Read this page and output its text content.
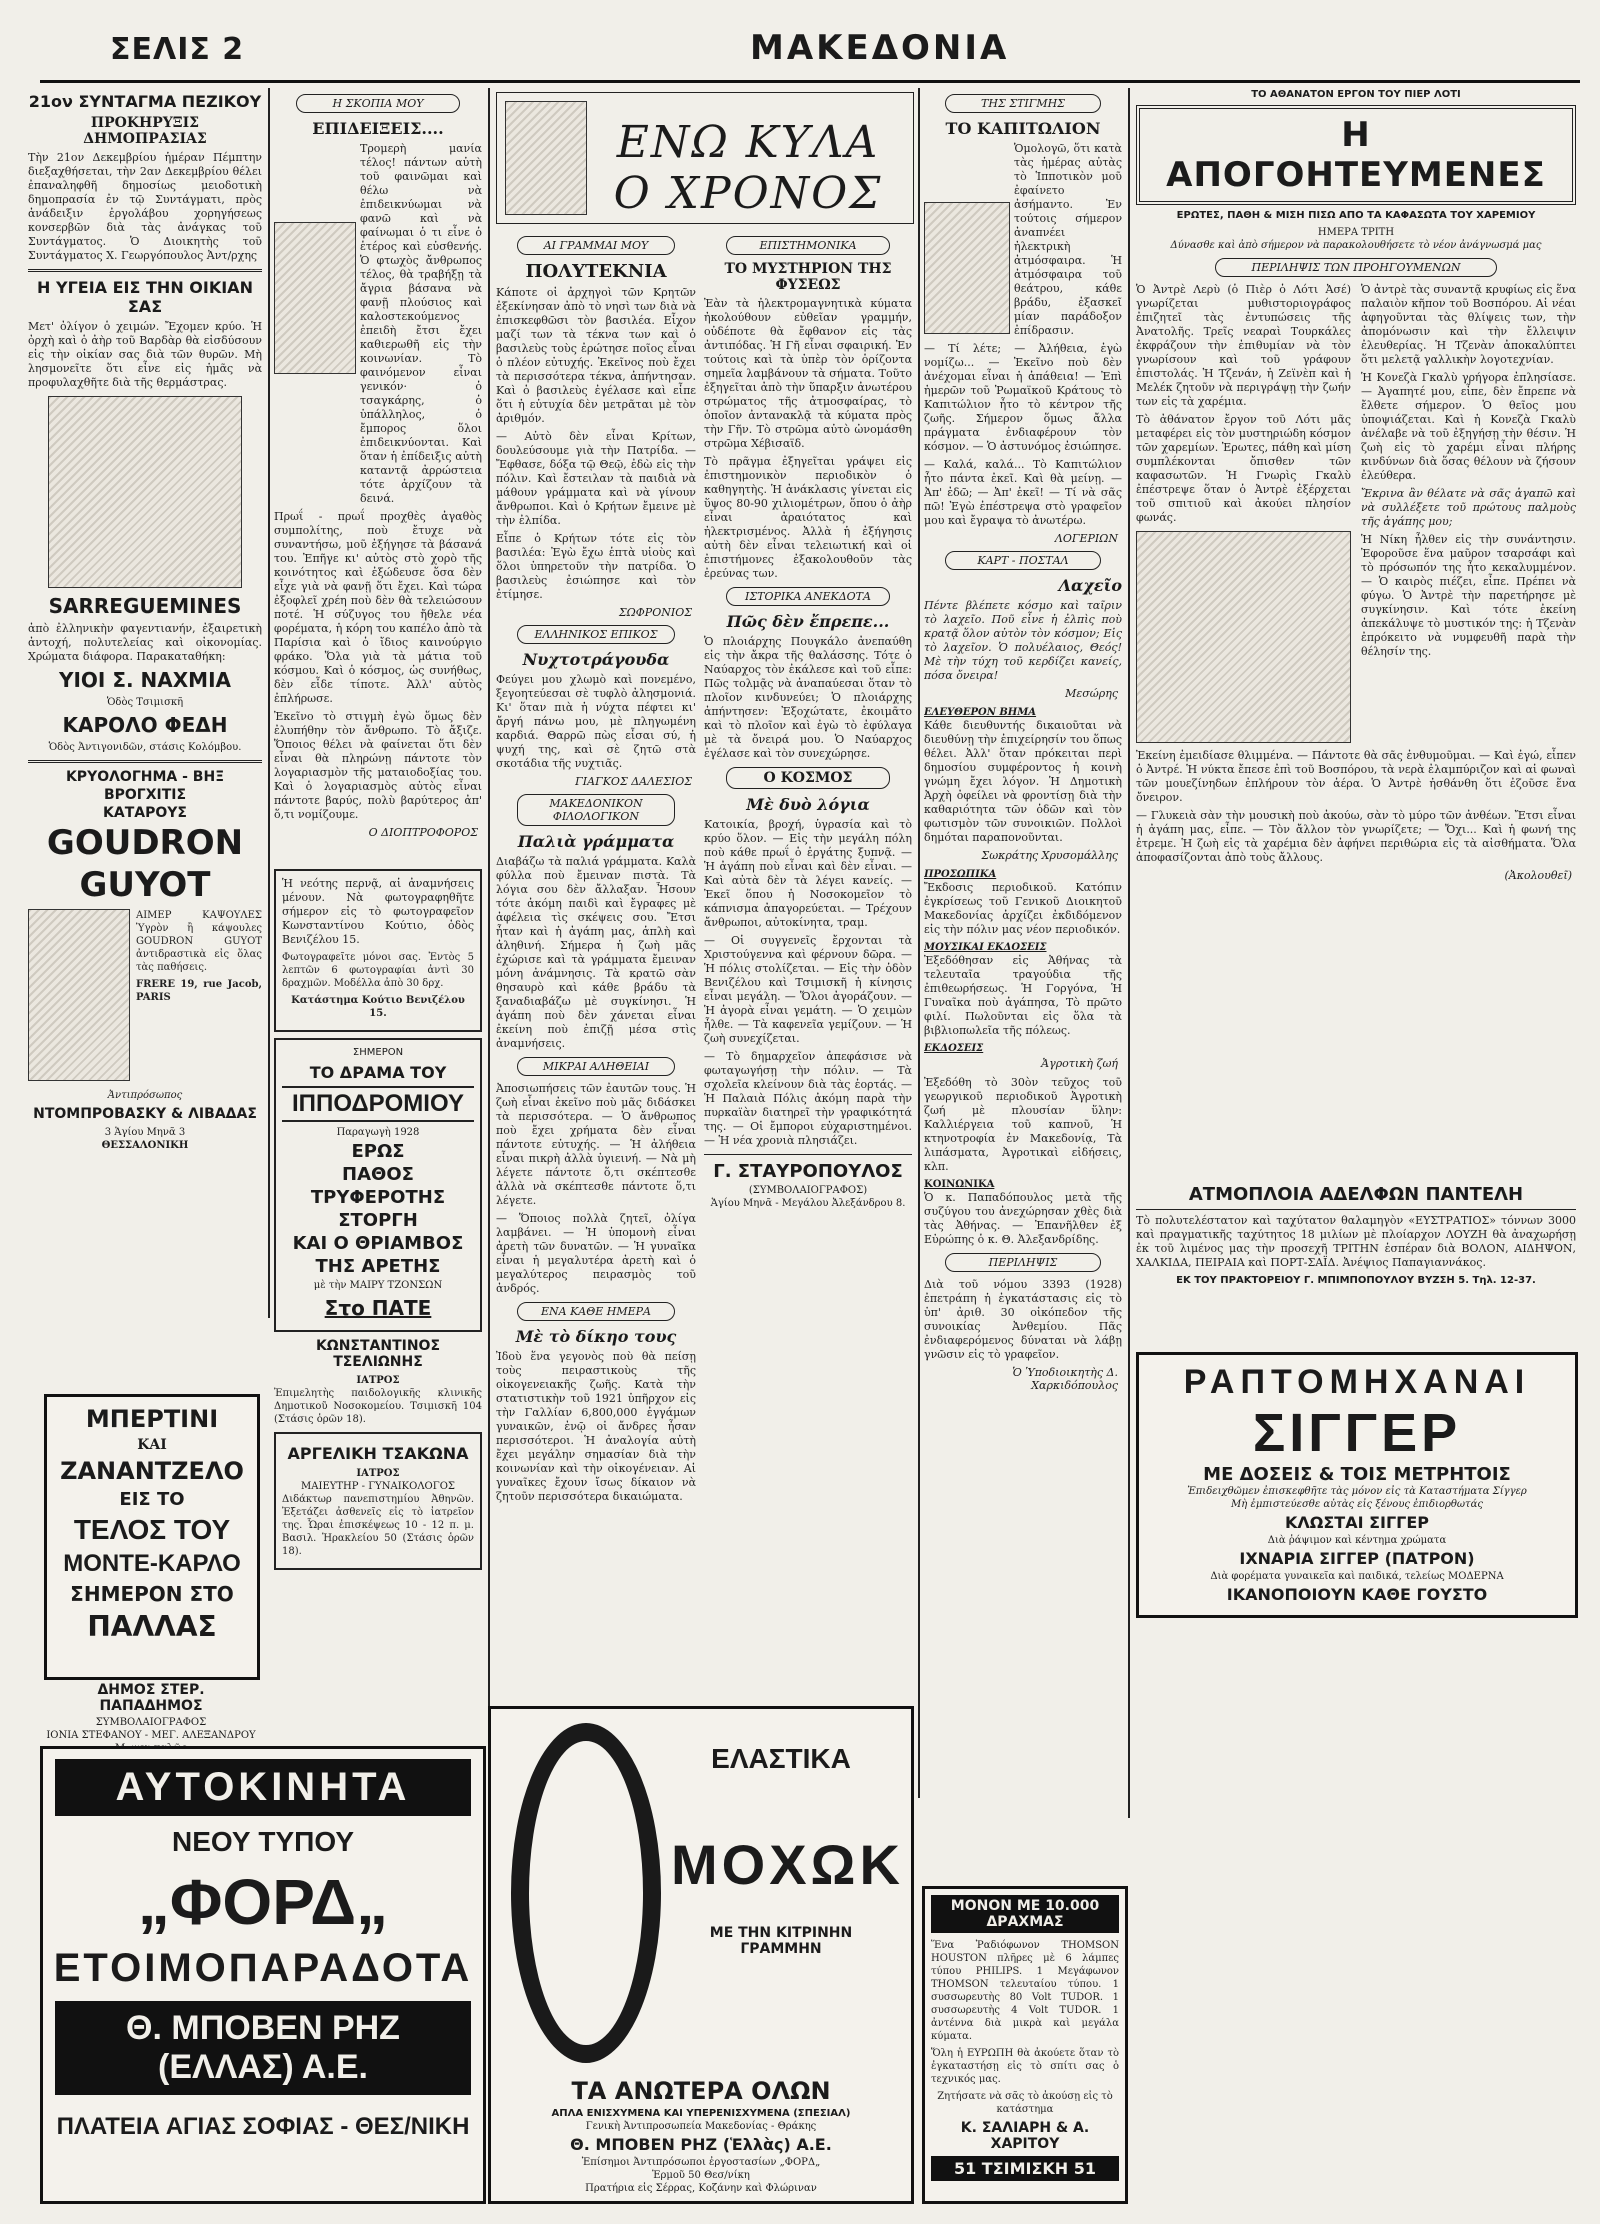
ΣΕΛΙΣ 2	ΜΑΚΕΔΟΝΙΑ
21ον ΣΥΝΤΑΓΜΑ ΠΕΖΙΚΟΥ
ΠΡΟΚΗΡΥΞΙΣ ΔΗΜΟΠΡΑΣΙΑΣ

Τὴν 21ον Δεκεμβρίου ἡμέραν Πέμπτην διεξαχθήσεται, τὴν 2αν Δεκεμβρίου θέλει ἐπαναληφθῆ δημοσίως μειοδοτικὴ δημοπρασία ἐν τῷ Συντάγματι, πρὸς ἀνάδειξιν ἐργολάβου χορηγήσεως κονσερβῶν διὰ τὰς ἀνάγκας τοῦ Συντάγματος. Ὁ Διοικητὴς τοῦ Συντάγματος Χ. Γεωργόπουλος Ἀντ/ρχης

Η ΥΓΕΙΑ ΕΙΣ ΤΗΝ ΟΙΚΙΑΝ ΣΑΣ

Μετ' ὀλίγον ὁ χειμών. Ἔχομεν κρύο. Ἡ ὀρχὴ καὶ ὁ ἀὴρ τοῦ Βαρδὰρ θὰ εἰσδύσουν εἰς τὴν οἰκίαν σας διὰ τῶν θυρῶν. Μὴ λησμονεῖτε ὅτι εἶνε εἰς ἡμᾶς νὰ προφυλαχθῆτε διὰ τῆς θερμάστρας.

SARREGUEMINES

ἀπὸ ἐλληνικὴν φαγεντιανήν, ἐξαιρετικὴ ἀντοχή, πολυτελείας καὶ οἰκονομίας. Χρώματα διάφορα. Παρακαταθήκη:

ΥΙΟΙ Σ. ΝΑΧΜΙΑ
Ὁδὸς Τσιμισκῆ
ΚΑΡΟΛΟ ΦΕΔΗ
Ὁδὸς Ἀντιγονιδῶν, στάσις Κολόμβου.
ΚΡΥΟΛΟΓΗΜΑ - ΒΗΞ
ΒΡΟΓΧΙΤΙΣ
ΚΑΤΑΡΟΥΣ
GOUDRON
GUYOT

ΑΙΜΕΡ ΚΑΨΟΥΛΕΣ Ὑγρὸν ἢ κάψουλες GOUDRON GUYOT ἀντιδραστικὰ εἰς ὅλας τὰς παθήσεις.

FRERE 19, rue Jacob, PARIS

Ἀντιπρόσωπος
ΝΤΟΜΠΡΟΒΑΣΚΥ & ΛΙΒΑΔΑΣ
3 Ἁγίου Μηνᾶ 3
ΘΕΣΣΑΛΟΝΙΚΗ
ΜΠΕΡΤΙΝΙ
ΚΑΙ
ΖΑΝΑΝΤΖΕΛΟ
ΕΙΣ ΤΟ
ΤΕΛΟΣ ΤΟΥ
ΜΟΝΤΕ-ΚΑΡΛΟ
ΣΗΜΕΡΟΝ ΣΤΟ
ΠΑΛΛΑΣ
ΔΗΜΟΣ ΣΤΕΡ. ΠΑΠΑΔΗΜΟΣ
ΣΥΜΒΟΛΑΙΟΓΡΑΦΟΣ
ΙΟΝΙΑ ΣΤΕΦΑΝΟΥ - ΜΕΓ. ΑΛΕΞΑΝΔΡΟΥ
ΑΥΤΟΚΙΝΗΤΑ
ΝΕΟΥ ΤΥΠΟΥ
„ΦΟΡΔ„
ΕΤΟΙΜΟΠΑΡΑΔΟΤΑ
Θ. ΜΠΟΒΕΝ ΡΗΖ (ΕΛΛΑΣ) Α.Ε.
ΠΛΑΤΕΙΑ ΑΓΙΑΣ ΣΟΦΙΑΣ - ΘΕΣ/ΝΙΚΗ
Η ΣΚΟΠΙΑ ΜΟΥ
ΕΠΙΔΕΙΞΕΙΣ....

Τρομερὴ μανία τέλος! πάντων αὐτὴ τοῦ φαινῶμαι καὶ θέλω νὰ ἐπιδεικνύωμαι νὰ φανῶ καὶ νὰ φαίνωμαι ὁ τι εἶνε ὁ ἑτέρος καὶ εὐσθενής. Ὁ φτωχὸς ἄνθρωπος τέλος, θὰ τραβήξῃ τὰ ἄγρια βάσανα νὰ φανῇ πλούσιος καὶ καλοστεκούμενος ἐπειδὴ ἔτσι ἔχει καθιερωθῆ εἰς τὴν κοινωνίαν. Τὸ φαινόμενον εἶναι γενικόν· ὁ τσαγκάρης, ὁ ὑπάλληλος, ὁ ἔμπορος ὅλοι ἐπιδεικνύονται. Καὶ ὅταν ἡ ἐπίδειξις αὐτὴ καταντᾷ ἀρρώστεια τότε ἀρχίζουν τὰ δεινά.

Πρωΐ - πρωΐ προχθὲς ἀγαθὸς συμπολίτης, ποὺ ἔτυχε νὰ συναντήσω, μοῦ ἐξήγησε τὰ βάσανά του. Ἐπῆγε κι' αὐτὸς στὸ χορὸ τῆς κοινότητος καὶ ἐξώδευσε ὅσα δὲν εἶχε γιὰ νὰ φανῇ ὅτι ἔχει. Καὶ τώρα ἐξοφλεῖ χρέη ποὺ δὲν θὰ τελειώσουν ποτέ. Ἡ σύζυγος του ἤθελε νέα φορέματα, ἡ κόρη του καπέλο ἀπὸ τὰ Παρίσια καὶ ὁ ἴδιος καινούργιο φράκο. Ὅλα γιὰ τὰ μάτια τοῦ κόσμου. Καὶ ὁ κόσμος, ὡς συνήθως, δὲν εἶδε τίποτε. Ἀλλ' αὐτὸς ἐπλήρωσε.

Ἐκεῖνο τὸ στιγμὴ ἐγὼ ὅμως δὲν ἐλυπήθην τὸν ἄνθρωπο. Τὸ ἄξιζε. Ὅποιος θέλει νὰ φαίνεται ὅτι δὲν εἶναι θὰ πληρώνῃ πάντοτε τὸν λογαριασμὸν τῆς ματαιοδοξίας του. Καὶ ὁ λογαριασμὸς αὐτὸς εἶναι πάντοτε βαρύς, πολὺ βαρύτερος ἀπ' ὅ,τι νομίζουμε.

Ο ΔΙΟΠΤΡΟΦΟΡΟΣ

Ἡ νεότης περνᾷ, αἱ ἀναμνήσεις μένουν. Νὰ φωτογραφηθῆτε σήμερον εἰς τὸ φωτογραφεῖον Κωνσταντίνου Κούτιο, ὁδὸς Βενιζέλου 15.

Φωτογραφεῖτε μόνοι σας. Ἐντὸς 5 λεπτῶν 6 φωτογραφίαι ἀντὶ 30 δραχμῶν. Μοδέλλα ἀπὸ 30 δρχ.

Κατάστημα Κούτιο Βενιζέλου 15.

ΣΗΜΕΡΟΝ
ΤΟ ΔΡΑΜΑ ΤΟΥ
ΙΠΠΟΔΡΟΜΙΟΥ
Παραγωγὴ 1928
ΕΡΩΣ
ΠΑΘΟΣ
ΤΡΥΦΕΡΟΤΗΣ
ΣΤΟΡΓΗ
ΚΑΙ Ο ΘΡΙΑΜΒΟΣ
ΤΗΣ ΑΡΕΤΗΣ
μὲ τὴν ΜΑΙΡΥ ΤΖΟΝΣΩΝ
Στο ΠΑΤΕ
ΚΩΝΣΤΑΝΤΙΝΟΣ ΤΣΕΛΙΩΝΗΣ
ΙΑΤΡΟΣ

Ἐπιμελητὴς παιδολογικῆς κλινικῆς Δημοτικοῦ Νοσοκομείου. Τσιμισκῆ 104 (Στάσις ὁρῶν 18).

ΑΡΓΕΛΙΚΗ ΤΣΑΚΩΝΑ
ΙΑΤΡΟΣ
ΜΑΙΕΥΤΗΡ - ΓΥΝΑΙΚΟΛΟΓΟΣ

Διδάκτωρ πανεπιστημίου Ἀθηνῶν. Ἐξετάζει ἀσθενεῖς εἰς τὸ ἰατρεῖον της. Ὧραι ἐπισκέψεως 10 - 12 π. μ. Βασιλ. Ἡρακλείου 50 (Στάσις ὁρῶν 18).

ΕΝΩ ΚΥΛΑ Ο ΧΡΟΝΟΣ
ΑΙ ΓΡΑΜΜΑΙ ΜΟΥ
ΠΟΛΥΤΕΚΝΙΑ

Κάποτε οἱ ἀρχηγοὶ τῶν Κρητῶν ἐξεκίνησαν ἀπὸ τὸ νησὶ των διὰ νὰ ἐπισκεφθῶσι τὸν βασιλέα. Εἶχον μαζί των τὰ τέκνα των καὶ ὁ βασιλεὺς τοὺς ἐρώτησε ποῖος εἶναι ὁ πλέον εὐτυχής. Ἐκεῖνος ποὺ ἔχει τὰ περισσότερα τέκνα, ἀπήντησαν. Καὶ ὁ βασιλεὺς ἐγέλασε καὶ εἶπε ὅτι ἡ εὐτυχία δὲν μετρᾶται μὲ τὸν ἀριθμόν.

— Αὐτὸ δὲν εἶναι Κρίτων, δουλεύσουμε γιὰ τὴν Πατρίδα. — Ἔφθασε, δόξα τῷ Θεῷ, ἐδὼ εἰς τὴν πόλιν. Καὶ ἔστειλαν τὰ παιδιὰ νὰ μάθουν γράμματα καὶ νὰ γίνουν ἄνθρωποι. Καὶ ὁ Κρήτων ἔμεινε μὲ τὴν ἐλπίδα.

Εἶπε ὁ Κρήτων τότε εἰς τὸν βασιλέα: Ἐγὼ ἔχω ἑπτὰ υἱοὺς καὶ ὅλοι ὑπηρετοῦν τὴν πατρίδα. Ὁ βασιλεὺς ἐσιώπησε καὶ τὸν ἐτίμησε.

ΣΩΦΡΟΝΙΟΣ
ΕΛΛΗΝΙΚΟΣ ΕΠΙΚΟΣ
Νυχτοτράγουδα

Φεύγει μου χλωμὸ καὶ πονεμένο, ξεγοητεύεσαι σὲ τυφλὸ ἀλησμονιά. Κι' ὅταν πιὰ ἡ νύχτα πέφτει κι' ἄργή πάνω μου, μὲ πληγωμένη καρδιά. Θαρρῶ πὼς εἶσαι σύ, ἡ ψυχή της, καὶ σὲ ζητῶ στὰ σκοτάδια τῆς νυχτιᾶς.

ΓΙΑΓΚΟΣ ΔΑΛΕΣΙΟΣ
ΜΑΚΕΔΟΝΙΚΟΝ ΦΙΛΟΛΟΓΙΚΟΝ
Παλιὰ γράμματα

Διαβάζω τὰ παλιά γράμματα. Καλὰ φύλλα ποὺ ἔμειναν πιστὰ. Τὰ λόγια σου δὲν ἄλλαξαν. Ἦσουν τότε ἀκόμη παιδὶ καὶ ἔγραφες μὲ ἀφέλεια τὶς σκέψεις σου. Ἔτσι ἦταν καὶ ἡ ἀγάπη μας, ἁπλὴ καὶ ἀληθινή. Σήμερα ἡ ζωὴ μᾶς ἐχώρισε καὶ τὰ γράμματα ἔμειναν μόνη ἀνάμνησις. Τὰ κρατῶ σὰν θησαυρὸ καὶ κάθε βράδυ τὰ ξαναδιαβάζω μὲ συγκίνησι. Ἡ ἀγάπη ποὺ δὲν χάνεται εἶναι ἐκείνη ποὺ ἐπιζῇ μέσα στὶς ἀναμνήσεις.

ΜΙΚΡΑΙ ΑΛΗΘΕΙΑΙ

Ἀποσιωπήσεις τῶν ἐαυτῶν τους. Ἡ ζωὴ εἶναι ἐκεῖνο ποὺ μᾶς διδάσκει τὰ περισσότερα. — Ὁ ἄνθρωπος ποὺ ἔχει χρήματα δὲν εἶναι πάντοτε εὐτυχής. — Ἡ ἀλήθεια εἶναι πικρὴ ἀλλὰ ὑγιεινή. — Νὰ μὴ λέγετε πάντοτε ὅ,τι σκέπτεσθε ἀλλὰ νὰ σκέπτεσθε πάντοτε ὅ,τι λέγετε.

— Ὅποιος πολλὰ ζητεῖ, ὀλίγα λαμβάνει. — Ἡ ὑπομονὴ εἶναι ἀρετὴ τῶν δυνατῶν. — Ἡ γυναῖκα εἶναι ἡ μεγαλυτέρα ἀρετὴ καὶ ὁ μεγαλύτερος πειρασμὸς τοῦ ἀνδρός.

ΕΝΑ ΚΑΘΕ ΗΜΕΡΑ
Μὲ τὸ δίκηο τους

Ἰδοὺ ἕνα γεγονὸς ποὺ θὰ πείσῃ τοὺς πειραστικοὺς τῆς οἰκογενειακῆς ζωῆς. Κατὰ τὴν στατιστικὴν τοῦ 1921 ὑπῆρχον εἰς τὴν Γαλλίαν 6,800,000 ἐγγάμων γυναικῶν, ἐνῷ οἱ ἄνδρες ἦσαν περισσότεροι. Ἡ ἀναλογία αὐτὴ ἔχει μεγάλην σημασίαν διὰ τὴν κοινωνίαν καὶ τὴν οἰκογένειαν. Αἱ γυναῖκες ἔχουν ἴσως δίκαιον νὰ ζητοῦν περισσότερα δικαιώματα.

ΕΠΙΣΤΗΜΟΝΙΚΑ
ΤΟ ΜΥΣΤΗΡΙΟΝ ΤΗΣ ΦΥΣΕΩΣ

Ἐὰν τὰ ἠλεκτρομαγνητικὰ κύματα ἠκολούθουν εὐθεῖαν γραμμήν, οὐδέποτε θὰ ἔφθανον εἰς τὰς ἀντιπόδας. Ἡ Γῆ εἶναι σφαιρική. Ἐν τούτοις καὶ τὰ ὑπὲρ τὸν ὁρίζοντα σημεῖα λαμβάνουν τὰ σήματα. Τοῦτο ἐξηγεῖται ἀπὸ τὴν ὕπαρξιν ἀνωτέρου στρώματος τῆς ἀτμοσφαίρας, τὸ ὁποῖον ἀντανακλᾷ τὰ κύματα πρὸς τὴν Γῆν. Τὸ στρῶμα αὐτὸ ὠνομάσθη στρῶμα Χέβισαϊδ.

Τὸ πρᾶγμα ἐξηγεῖται γράψει εἰς ἐπιστημονικὸν περιοδικὸν ὁ καθηγητὴς. Ἡ ἀνάκλασις γίνεται εἰς ὕψος 80-90 χιλιομέτρων, ὅπου ὁ ἀὴρ εἶναι ἀραιότατος καὶ ἠλεκτρισμένος. Ἀλλὰ ἡ ἐξήγησις αὐτὴ δὲν εἶναι τελειωτική καὶ οἱ ἐπιστήμονες ἐξακολουθοῦν τὰς ἐρεύνας των.

ΙΣΤΟΡΙΚΑ ΑΝΕΚΔΟΤΑ
Πῶς δὲν ἔπρεπε...

Ὁ πλοιάρχης Πουγκάλο ἀνεπαύθη εἰς τὴν ἄκρα τῆς θαλάσσης. Τότε ὁ Ναύαρχος τὸν ἐκάλεσε καὶ τοῦ εἶπε: Πῶς τολμᾷς νὰ ἀναπαύεσαι ὅταν τὸ πλοῖον κινδυνεύει; Ὁ πλοιάρχης ἀπήντησεν: Ἐξοχώτατε, ἐκοιμᾶτο καὶ τὸ πλοῖον καὶ ἐγὼ τὸ ἐφύλαγα μὲ τὰ ὄνειρά μου. Ὁ Ναύαρχος ἐγέλασε καὶ τὸν συνεχώρησε.

Ο ΚΟΣΜΟΣ
Μὲ δυὸ λόγια

Κατοικία, βροχή, ὑγρασία καὶ τὸ κρύο ὅλον. — Εἰς τὴν μεγάλη πόλη ποὺ κάθε πρωΐ ὁ ἐργάτης ξυπνᾷ. — Ἡ ἀγάπη ποὺ εἶναι καὶ δὲν εἶναι. — Καὶ αὐτὰ δὲν τὰ λέγει κανείς. — Ἐκεῖ ὅπου ἡ Νοσοκομεῖον τὸ κάπνισμα ἀπαγορεύεται. — Τρέχουν ἄνθρωποι, αὐτοκίνητα, τραμ.

— Οἱ συγγενεῖς ἔρχονται τὰ Χριστούγεννα καὶ φέρνουν δῶρα. — Ἡ πόλις στολίζεται. — Εἰς τὴν ὁδὸν Βενιζέλου καὶ Τσιμισκῆ ἡ κίνησις εἶναι μεγάλη. — Ὅλοι ἀγοράζουν. — Ἡ ἀγορὰ εἶναι γεμάτη. — Ὁ χειμὼν ἦλθε. — Τὰ καφενεῖα γεμίζουν. — Ἡ ζωὴ συνεχίζεται.

— Τὸ δημαρχεῖον ἀπεφάσισε νὰ φωταγωγήσῃ τὴν πόλιν. — Τὰ σχολεῖα κλείνουν διὰ τὰς ἑορτάς. — Ἡ Παλαιὰ Πόλις ἀκόμη παρὰ τὴν πυρκαϊὰν διατηρεῖ τὴν γραφικότητά της. — Οἱ ἔμποροι εὐχαριστημένοι. — Ἡ νέα χρονιὰ πλησιάζει.

Γ. ΣΤΑΥΡΟΠΟΥΛΟΣ
(ΣΥΜΒΟΛΑΙΟΓΡΑΦΟΣ)
Ἁγίου Μηνᾶ - Μεγάλου Ἀλεξάνδρου 8.
ΕΛΑΣΤΙΚΑ
ΜΟΧΩΚ
ΜΕ ΤΗΝ ΚΙΤΡΙΝΗΝ ΓΡΑΜΜΗΝ
ΤΑ ΑΝΩΤΕΡΑ ΟΛΩΝ
ΑΠΛΑ ΕΝΙΣΧΥΜΕΝΑ ΚΑΙ ΥΠΕΡΕΝΙΣΧΥΜΕΝΑ (ΣΠΕΣΙΑΛ)
Γενικὴ Ἀντιπροσωπεία Μακεδονίας - Θράκης
Θ. ΜΠΟΒΕΝ ΡΗΖ (Ἑλλὰς) Α.Ε.
Ἐπίσημοι Ἀντιπρόσωποι ἐργοστασίων „ΦΟΡΔ„
Ἑρμοῦ 50 Θεσ/νίκη
Πρατήρια εἰς Σέρρας, Κοζάνην καὶ Φλώριναν
ΤΗΣ ΣΤΙΓΜΗΣ
ΤΟ ΚΑΠΙΤΩΛΙΟΝ

Ὁμολογῶ, ὅτι κατὰ τὰς ἡμέρας αὐτὰς τὸ Ἱπποτικὸν μοῦ ἐφαίνετο ἀσήμαντο. Ἐν τούτοις σήμερον ἀναπνέει ἠλεκτρικὴ ἀτμόσφαιρα. Ἡ ἀτμόσφαιρα τοῦ θεάτρου, κάθε βράδυ, ἐξασκεῖ μίαν παράδοξον ἐπίδρασιν.

— Τί λέτε; — Ἀλήθεια, ἐγὼ νομίζω... — Ἐκεῖνο ποὺ δὲν ἀνέχομαι εἶναι ἡ ἀπάθεια! — Ἐπὶ ἡμερῶν τοῦ Ῥωμαϊκοῦ Κράτους τὸ Καπιτώλιον ἦτο τὸ κέντρον τῆς ζωῆς. Σήμερον ὅμως ἄλλα πράγματα ἐνδιαφέρουν τὸν κόσμον. — Ὁ ἀστυνόμος ἐσιώπησε.

— Καλά, καλά... Τὸ Καπιτώλιον ἦτο πάντα ἐκεῖ. Καὶ θὰ μείνῃ. — Ἀπ' ἐδῶ; — Ἀπ' ἐκεῖ! — Τί νὰ σᾶς πῶ! Ἐγὼ ἐπέστρεψα στὸ γραφεῖον μου καὶ ἔγραψα τὸ ἀνωτέρω.

ΛΟΓΕΡΙΩΝ
ΚΑΡΤ - ΠΟΣΤΑΛ
Λαχεῖο

Πέντε βλέπετε κόσμο καὶ ταῖριν τὸ λαχεῖο. Ποῦ εἶνε ἡ ἐλπὶς ποὺ κρατᾷ ὅλον αὐτὸν τὸν κόσμον; Εἰς τὸ λαχεῖον. Ὁ πολυέλαιος, Θεός! Μὲ τὴν τύχη τοῦ κερδίζει κανείς, πόσα ὄνειρα!

Μεσώρης
ΕΛΕΥΘΕΡΟΝ ΒΗΜΑ

Κάθε διευθυντής δικαιοῦται νὰ διευθύνῃ τὴν ἐπιχείρησίν του ὅπως θέλει. Ἀλλ' ὅταν πρόκειται περὶ δημοσίου συμφέροντος ἡ κοινὴ γνώμη ἔχει λόγον. Ἡ Δημοτικὴ Ἀρχὴ ὀφείλει νὰ φροντίσῃ διὰ τὴν καθαριότητα τῶν ὁδῶν καὶ τὸν φωτισμὸν τῶν συνοικιῶν. Πολλοὶ δημόται παραπονοῦνται.

Σωκράτης Χρυσομάλλης
ΠΡΟΣΩΠΙΚΑ

Ἔκδοσις περιοδικοῦ. Κατόπιν ἐγκρίσεως τοῦ Γενικοῦ Διοικητοῦ Μακεδονίας ἀρχίζει ἐκδιδόμενον εἰς τὴν πόλιν μας νέον περιοδικόν.

ΜΟΥΣΙΚΑΙ ΕΚΔΟΣΕΙΣ

Ἐξεδόθησαν εἰς Ἀθήνας τὰ τελευταῖα τραγούδια τῆς ἐπιθεωρήσεως. Ἡ Γοργόνα, Ἡ Γυναῖκα ποὺ ἀγάπησα, Τὸ πρῶτο φιλί. Πωλοῦνται εἰς ὅλα τὰ βιβλιοπωλεῖα τῆς πόλεως.

ΕΚΔΟΣΕΙΣ
Ἀγροτικὴ ζωή

Ἐξεδόθη τὸ 30ὸν τεῦχος τοῦ γεωργικοῦ περιοδικοῦ Ἀγροτικὴ ζωή μὲ πλουσίαν ὕλην: Καλλιέργεια τοῦ καπνοῦ, Ἡ κτηνοτροφία ἐν Μακεδονίᾳ, Τὰ λιπάσματα, Ἀγροτικαὶ εἰδήσεις, κλπ.

ΚΟΙΝΩΝΙΚΑ

Ὁ κ. Παπαδόπουλος μετὰ τῆς συζύγου του ἀνεχώρησαν χθὲς διὰ τὰς Ἀθήνας. — Ἐπανῆλθεν ἐξ Εὐρώπης ὁ κ. Θ. Ἀλεξανδρίδης.

ΠΕΡΙΛΗΨΙΣ

Διὰ τοῦ νόμου 3393 (1928) ἐπετράπη ἡ ἐγκατάστασις εἰς τὸ ὑπ' ἀριθ. 30 οἰκόπεδον τῆς συνοικίας Ἀνθεμίου. Πᾶς ἐνδιαφερόμενος δύναται νὰ λάβῃ γνῶσιν εἰς τὸ γραφεῖον.

Ὁ Ὑποδιοικητὴς Δ. Χαρκιδόπουλος
ΜΟΝΟΝ ΜΕ 10.000 ΔΡΑΧΜΑΣ

Ἕνα Ῥαδιόφωνον THOMSON HOUSTON πλῆρες μὲ 6 λάμπες τύπου PHILIPS. 1 Μεγάφωνον THOMSON τελευταίου τύπου. 1 συσσωρευτὴς 80 Volt TUDOR. 1 συσσωρευτὴς 4 Volt TUDOR. 1 ἀντέννα διὰ μικρὰ καὶ μεγάλα κύματα.

Ὅλη ἡ ΕΥΡΩΠΗ θὰ ἀκούετε ὅταν τὸ ἐγκαταστήσῃ εἰς τὸ σπίτι σας ὁ τεχνικός μας.

Ζητήσατε νὰ σᾶς τὸ ἀκούσῃ εἰς τὸ κατάστημα

Κ. ΣΑΛΙΑΡΗ & Α. ΧΑΡΙΤΟΥ
51 ΤΣΙΜΙΣΚΗ 51
ΤΟ ΑΘΑΝΑΤΟΝ ΕΡΓΟΝ ΤΟΥ ΠΙΕΡ ΛΟΤΙ
Η ΑΠΟΓΟΗΤΕΥΜΕΝΕΣ
ΕΡΩΤΕΣ, ΠΑΘΗ & ΜΙΣΗ ΠΙΣΩ ΑΠΟ ΤΑ ΚΑΦΑΣΩΤΑ ΤΟΥ ΧΑΡΕΜΙΟΥ
ΗΜΕΡΑ ΤΡΙΤΗ
Δύνασθε καὶ ἀπὸ σήμερον νὰ παρακολουθήσετε τὸ νέον ἀνάγνωσμά μας
ΠΕΡΙΛΗΨΙΣ ΤΩΝ ΠΡΟΗΓΟΥΜΕΝΩΝ

Ὁ Ἀντρὲ Λερὺ (ὁ Πιὲρ ὁ Λότι Ἀσέ) γνωρίζεται μυθιστοριογράφος ἐπιζητεῖ τὰς ἐντυπώσεις τῆς Ἀνατολῆς. Τρεῖς νεαραὶ Τουρκάλες ἐκφράζουν τὴν ἐπιθυμίαν νὰ τὸν γνωρίσουν καὶ τοῦ γράφουν ἐπιστολάς. Ἡ Τζενάν, ἡ Ζεϊνὲπ καὶ ἡ Μελέκ ζητοῦν νὰ περιγράψῃ τὴν ζωήν των εἰς τὰ χαρέμια.

Τὸ ἀθάνατον ἔργον τοῦ Λότι μᾶς μεταφέρει εἰς τὸν μυστηριώδη κόσμον τῶν χαρεμίων. Ἐρωτες, πάθη καὶ μίση συμπλέκονται ὄπισθεν τῶν καφασωτῶν. Ἡ Γνωρὶς Γκαλὺ ἐπέστρεψε ὅταν ὁ Ἀντρὲ ἐξέρχεται τοῦ σπιτιοῦ καὶ ἀκούει πλησίον φωνάς.

Ὁ ἀντρὲ τὰς συναντᾷ κρυφίως εἰς ἕνα παλαιὸν κῆπον τοῦ Βοσπόρου. Αἱ νέαι ἀφηγοῦνται τὰς θλίψεις των, τὴν ἀπομόνωσιν καὶ τὴν ἔλλειψιν ἐλευθερίας. Ἡ Τζενὰν ἀποκαλύπτει ὅτι μελετᾷ γαλλικὴν λογοτεχνίαν.

Ἡ Κονεζὰ Γκαλὺ γρήγορα ἐπλησίασε. — Ἀγαπητέ μου, εἶπε, δὲν ἔπρεπε νὰ ἔλθετε σήμερον. Ὁ θεῖος μου ὑποψιάζεται. Καὶ ἡ Κονεζὰ Γκαλὺ ἀνέλαβε νὰ τοῦ ἐξηγήσῃ τὴν θέσιν. Ἡ ζωὴ εἰς τὸ χαρέμι εἶναι πλήρης κινδύνων διὰ ὅσας θέλουν νὰ ζήσουν ἐλεύθερα.

Ἔκρινα ἂν θέλατε νὰ σᾶς ἀγαπῶ καὶ νὰ συλλέξετε τοῦ πρώτους παλμοὺς τῆς ἀγάπης μου;

Ἡ Νίκη ἦλθεν εἰς τὴν συνάντησιν. Ἐφοροῦσε ἕνα μαῦρον τσαρσάφι καὶ τὸ πρόσωπόν της ἦτο κεκαλυμμένον. — Ὁ καιρὸς πιέζει, εἶπε. Πρέπει νὰ φύγω. Ὁ Ἀντρὲ τὴν παρετήρησε μὲ συγκίνησιν. Καὶ τότε ἐκείνη ἀπεκάλυψε τὸ μυστικόν της: ἡ Τζενὰν ἐπρόκειτο νὰ νυμφευθῆ παρὰ τὴν θέλησίν της.

Ἐκείνη ἐμειδίασε θλιμμένα. — Πάντοτε θὰ σᾶς ἐνθυμοῦμαι. — Καὶ ἐγώ, εἶπεν ὁ Ἀντρέ. Ἡ νύκτα ἔπεσε ἐπὶ τοῦ Βοσπόρου, τὰ νερὰ ἐλαμπύριζον καὶ αἱ φωναὶ τῶν μουεζίνηδων ἐπλήρουν τὸν ἀέρα. Ὁ Ἀντρὲ ἠσθάνθη ὅτι ἐζοῦσε ἕνα ὄνειρον.

— Γλυκειὰ σὰν τὴν μουσικὴ ποὺ ἀκούω, σὰν τὸ μύρο τῶν ἀνθέων. Ἔτσι εἶναι ἡ ἀγάπη μας, εἶπε. — Τὸν ἄλλον τὸν γνωρίζετε; — Ὄχι... Καὶ ἡ φωνή της ἐτρεμε. Ἡ ζωὴ εἰς τὰ χαρέμια δὲν ἀφήνει περιθώρια εἰς τὰ αἰσθήματα. Ὅλα ἀποφασίζονται ἀπὸ τοὺς ἄλλους.

(Ἀκολουθεῖ)
ΑΤΜΟΠΛΟΙΑ ΑΔΕΛΦΩΝ ΠΑΝΤΕΛΗ

Τὸ πολυτελέστατον καὶ ταχύτατον θαλαμηγὸν «ΕΥΣΤΡΑΤΙΟΣ» τόννων 3000 καὶ πραγματικῆς ταχύτητος 18 μιλίων μὲ πλοίαρχον ΛΟΥΖΗ θὰ ἀναχωρήσῃ ἐκ τοῦ λιμένος μας τὴν προσεχῆ ΤΡΙΤΗΝ ἑσπέραν διὰ ΒΟΛΟΝ, ΑΙΔΗΨΟΝ, ΧΑΛΚΙΔΑ, ΠΕΙΡΑΙΑ καὶ ΠΟΡΤ-ΣΑΪΔ. Ἀνέψιος Παπαγιαννάκος.

ΕΚ ΤΟΥ ΠΡΑΚΤΟΡΕΙΟΥ Γ. ΜΠΙΜΠΟΠΟΥΛΟΥ ΒΥΖΣΗ 5. Τηλ. 12-37.
ΡΑΠΤΟΜΗΧΑΝΑΙ
ΣΙΓΓΕΡ
ΜΕ ΔΟΣΕΙΣ & ΤΟΙΣ ΜΕΤΡΗΤΟΙΣ
Ἐπιδειχθῶμεν ἐπισκεφθῆτε τὰς μόνον εἰς τὰ Καταστήματα Σίγγερ
Μὴ ἐμπιστεύεσθε αὐτὰς εἰς ξένους ἐπιδιορθωτάς
ΚΛΩΣΤΑΙ ΣΙΓΓΕΡ
Διὰ ῥάψιμον καὶ κέντημα χρώματα
ΙΧΝΑΡΙΑ ΣΙΓΓΕΡ (ΠΑΤΡΟΝ)
Διὰ φορέματα γυναικεῖα καὶ παιδικά, τελείως ΜΟΔΕΡΝΑ
ΙΚΑΝΟΠΟΙΟΥΝ ΚΑΘΕ ΓΟΥΣΤΟ
